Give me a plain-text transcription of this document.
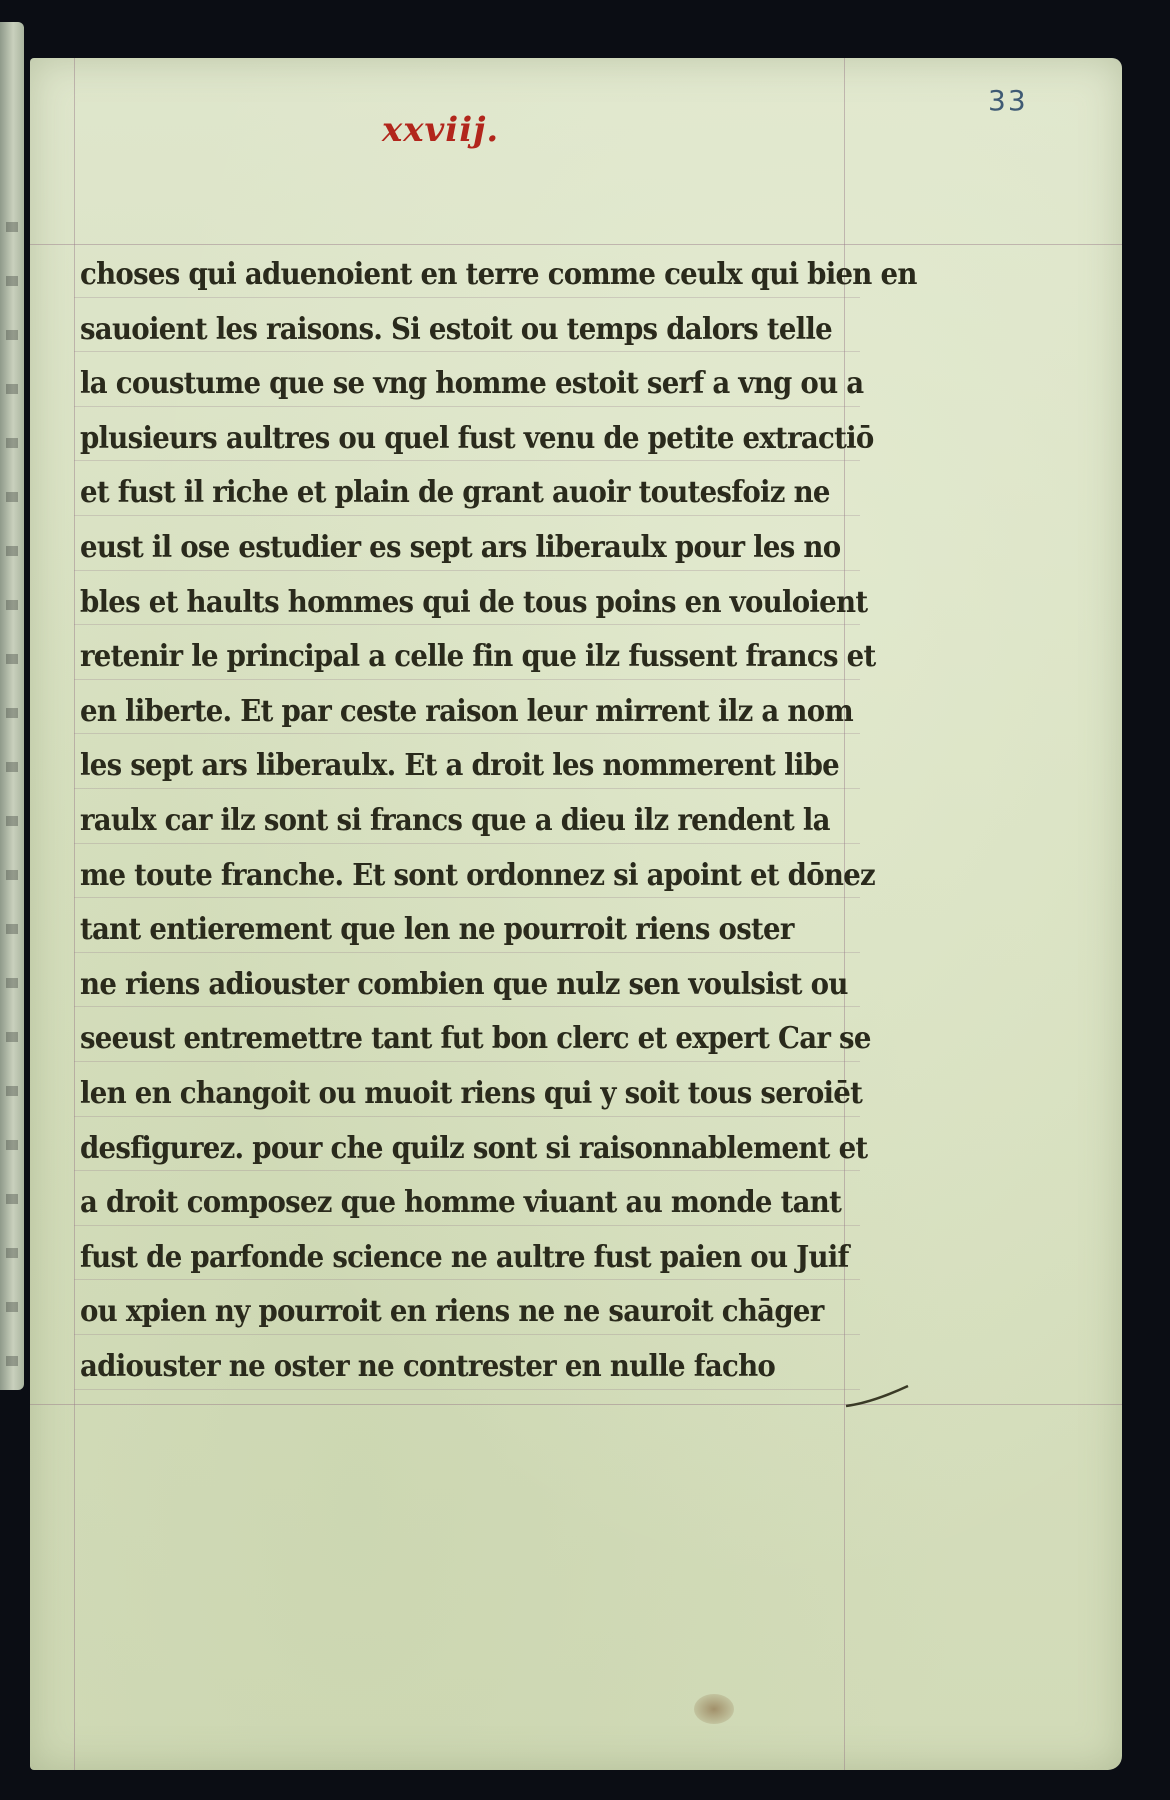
xxviij.
33
choses qui aduenoient en terre comme ceulx qui bien en
sauoient les raisons. Si estoit ou temps dalors telle
la coustume que se vng homme estoit serf a vng ou a
plusieurs aultres ou quel fust venu de petite extractiō
et fust il riche et plain de grant auoir toutesfoiz ne
eust il ose estudier es sept ars liberaulx pour les no
bles et haults hommes qui de tous poins en vouloient
retenir le principal a celle fin que ilz fussent francs et
en liberte. Et par ceste raison leur mirrent ilz a nom
les sept ars liberaulx. Et a droit les nommerent libe
raulx car ilz sont si francs que a dieu ilz rendent la
me toute franche. Et sont ordonnez si apoint et dōnez
tant entierement que len ne pourroit riens oster
ne riens adiouster combien que nulz sen voulsist ou
seeust entremettre tant fut bon clerc et expert Car se
len en changoit ou muoit riens qui y soit tous seroiēt
desfigurez. pour che quilz sont si raisonnablement et
a droit composez que homme viuant au monde tant
fust de parfonde science ne aultre fust paien ou Juif
ou xpien ny pourroit en riens ne ne sauroit chāger
adiouster ne oster ne contrester en nulle facho
